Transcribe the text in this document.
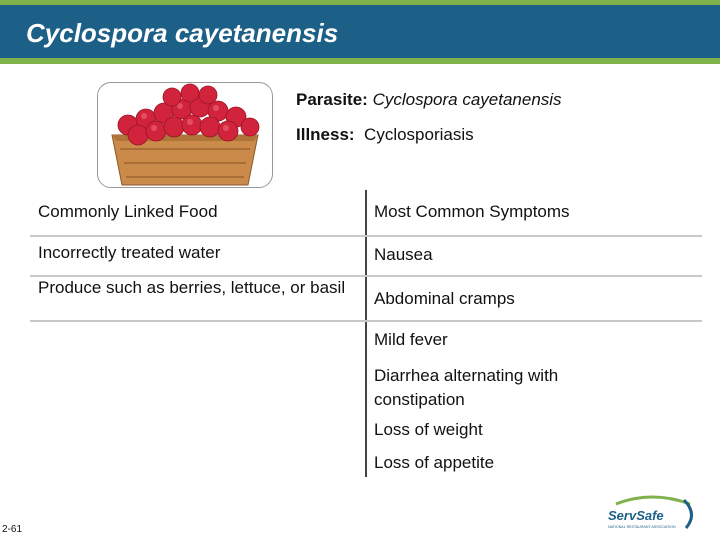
Cyclospora cayetanensis
Parasite: Cyclospora cayetanensis
Illness: Cyclosporiasis
Commonly Linked Food	Most Common Symptoms
Incorrectly treated water
Produce such as berries, lettuce, or basil
Nausea
Abdominal cramps
Mild fever
Diarrhea alternating with constipation
Loss of weight
Loss of appetite
2-61
ServSafe
NATIONAL RESTAURANT ASSOCIATION
